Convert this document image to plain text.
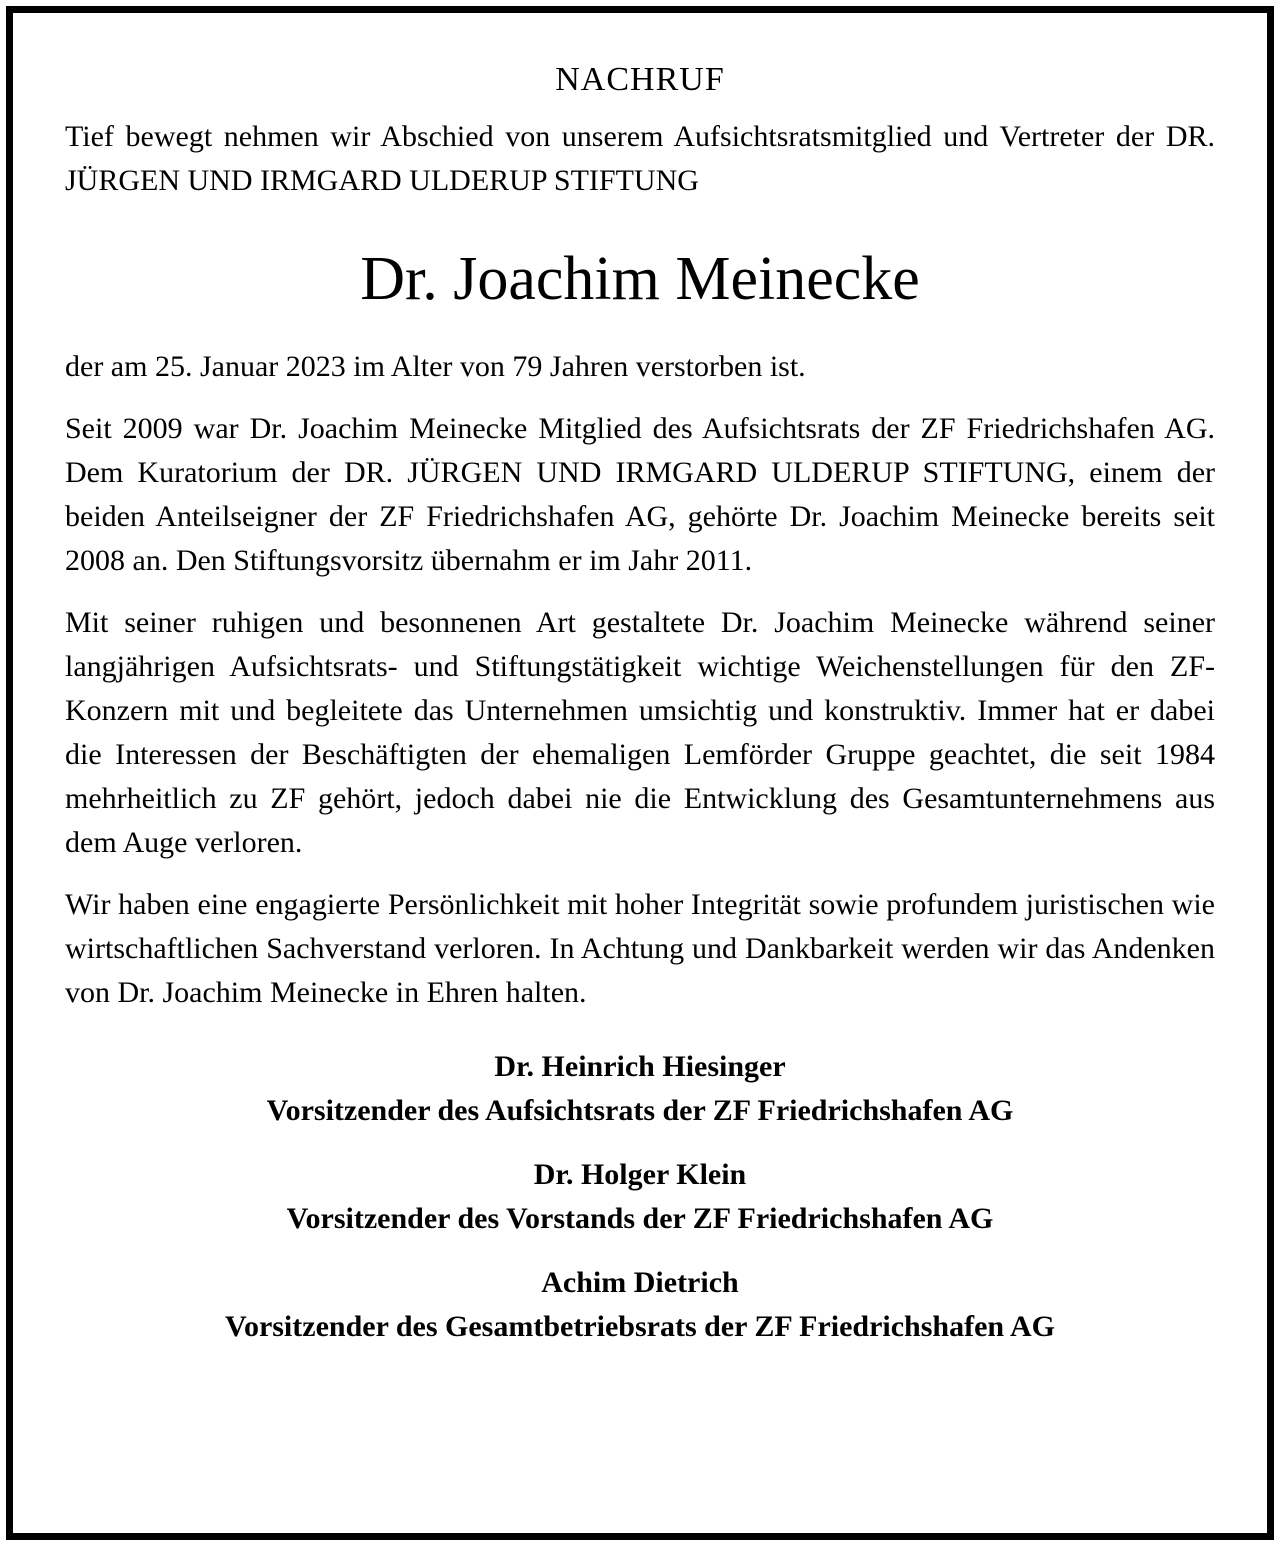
NACHRUF

Tief bewegt nehmen wir Abschied von unserem Aufsichtsratsmitglied und Vertreter der DR. JÜRGEN UND IRMGARD ULDERUP STIFTUNG

Dr. Joachim Meinecke

der am 25. Januar 2023 im Alter von 79 Jahren verstorben ist.

Seit 2009 war Dr. Joachim Meinecke Mitglied des Aufsichtsrats der ZF Friedrichshafen AG. Dem Kuratorium der DR. JÜRGEN UND IRMGARD ULDERUP STIFTUNG, einem der beiden Anteilseigner der ZF Friedrichshafen AG, gehörte Dr. Joachim Meinecke bereits seit 2008 an. Den Stiftungsvorsitz übernahm er im Jahr 2011.

Mit seiner ruhigen und besonnenen Art gestaltete Dr. Joachim Meinecke während seiner langjährigen Aufsichtsrats- und Stiftungstätigkeit wichtige Weichenstellungen für den ZF-Konzern mit und begleitete das Unternehmen umsichtig und konstruktiv. Immer hat er dabei die Interessen der Beschäftigten der ehemaligen Lemförder Gruppe geachtet, die seit 1984 mehrheitlich zu ZF gehört, jedoch dabei nie die Entwicklung des Gesamtunternehmens aus dem Auge verloren.

Wir haben eine engagierte Persönlichkeit mit hoher Integrität sowie profundem juristischen wie wirtschaftlichen Sachverstand verloren. In Achtung und Dankbarkeit werden wir das Andenken von Dr. Joachim Meinecke in Ehren halten.

Dr. Heinrich Hiesinger
Vorsitzender des Aufsichtsrats der ZF Friedrichshafen AG
Dr. Holger Klein
Vorsitzender des Vorstands der ZF Friedrichshafen AG
Achim Dietrich
Vorsitzender des Gesamtbetriebsrats der ZF Friedrichshafen AG
